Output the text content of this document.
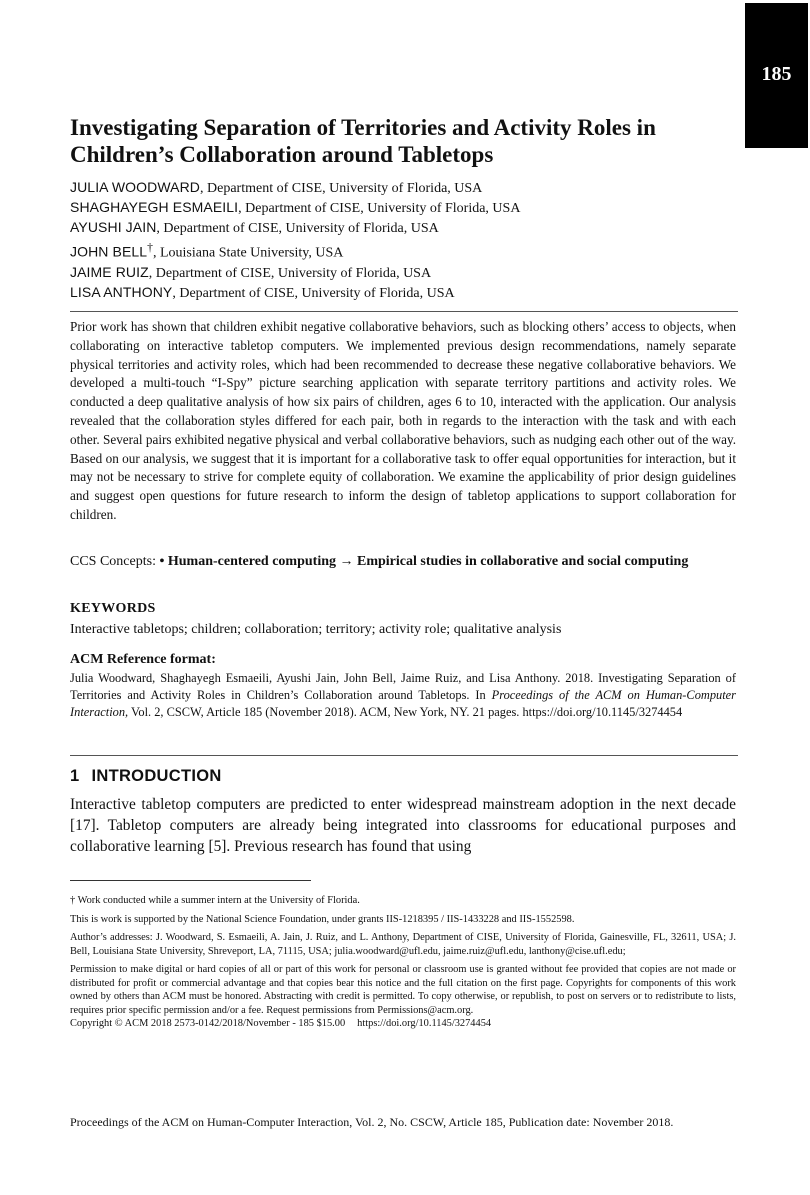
185
Investigating Separation of Territories and Activity Roles in Children’s Collaboration around Tabletops
JULIA WOODWARD, Department of CISE, University of Florida, USA
SHAGHAYEGH ESMAEILI, Department of CISE, University of Florida, USA
AYUSHI JAIN, Department of CISE, University of Florida, USA
JOHN BELL†, Louisiana State University, USA
JAIME RUIZ, Department of CISE, University of Florida, USA
LISA ANTHONY, Department of CISE, University of Florida, USA

Prior work has shown that children exhibit negative collaborative behaviors, such as blocking others’ access to objects, when collaborating on interactive tabletop computers. We implemented previous design recommendations, namely separate physical territories and activity roles, which had been recommended to decrease these negative collaborative behaviors. We developed a multi-touch “I-Spy” picture searching application with separate territory partitions and activity roles. We conducted a deep qualitative analysis of how six pairs of children, ages 6 to 10, interacted with the application. Our analysis revealed that the collaboration styles differed for each pair, both in regards to the interaction with the task and with each other. Several pairs exhibited negative physical and verbal collaborative behaviors, such as nudging each other out of the way. Based on our analysis, we suggest that it is important for a collaborative task to offer equal opportunities for interaction, but it may not be necessary to strive for complete equity of collaboration. We examine the applicability of prior design guidelines and suggest open questions for future research to inform the design of tabletop applications to support collaboration for children.

CCS Concepts: • Human-centered computing → Empirical studies in collaborative and social computing
KEYWORDS
Interactive tabletops; children; collaboration; territory; activity role; qualitative analysis
ACM Reference format:
Julia Woodward, Shaghayegh Esmaeili, Ayushi Jain, John Bell, Jaime Ruiz, and Lisa Anthony. 2018. Investigating Separation of Territories and Activity Roles in Children’s Collaboration around Tabletops. In Proceedings of the ACM on Human-Computer Interaction, Vol. 2, CSCW, Article 185 (November 2018). ACM, New York, NY. 21 pages. https://doi.org/10.1145/3274454
1 INTRODUCTION

Interactive tabletop computers are predicted to enter widespread mainstream adoption in the next decade [17]. Tabletop computers are already being integrated into classrooms for educational purposes and collaborative learning [5]. Previous research has found that using

† Work conducted while a summer intern at the University of Florida.

This is work is supported by the National Science Foundation, under grants IIS-1218395 / IIS-1433228 and IIS-1552598.

Author’s addresses: J. Woodward, S. Esmaeili, A. Jain, J. Ruiz, and L. Anthony, Department of CISE, University of Florida, Gainesville, FL, 32611, USA; J. Bell, Louisiana State University, Shreveport, LA, 71115, USA; julia.woodward@ufl.edu, jaime.ruiz@ufl.edu, lanthony@cise.ufl.edu;

Permission to make digital or hard copies of all or part of this work for personal or classroom use is granted without fee provided that copies are not made or distributed for profit or commercial advantage and that copies bear this notice and the full citation on the first page. Copyrights for components of this work owned by others than ACM must be honored. Abstracting with credit is permitted. To copy otherwise, or republish, to post on servers or to redistribute to lists, requires prior specific permission and/or a fee. Request permissions from Permissions@acm.org.

Copyright © ACM 2018 2573-0142/2018/November - 185 $15.00 https://doi.org/10.1145/3274454

Proceedings of the ACM on Human-Computer Interaction, Vol. 2, No. CSCW, Article 185, Publication date: November 2018.
